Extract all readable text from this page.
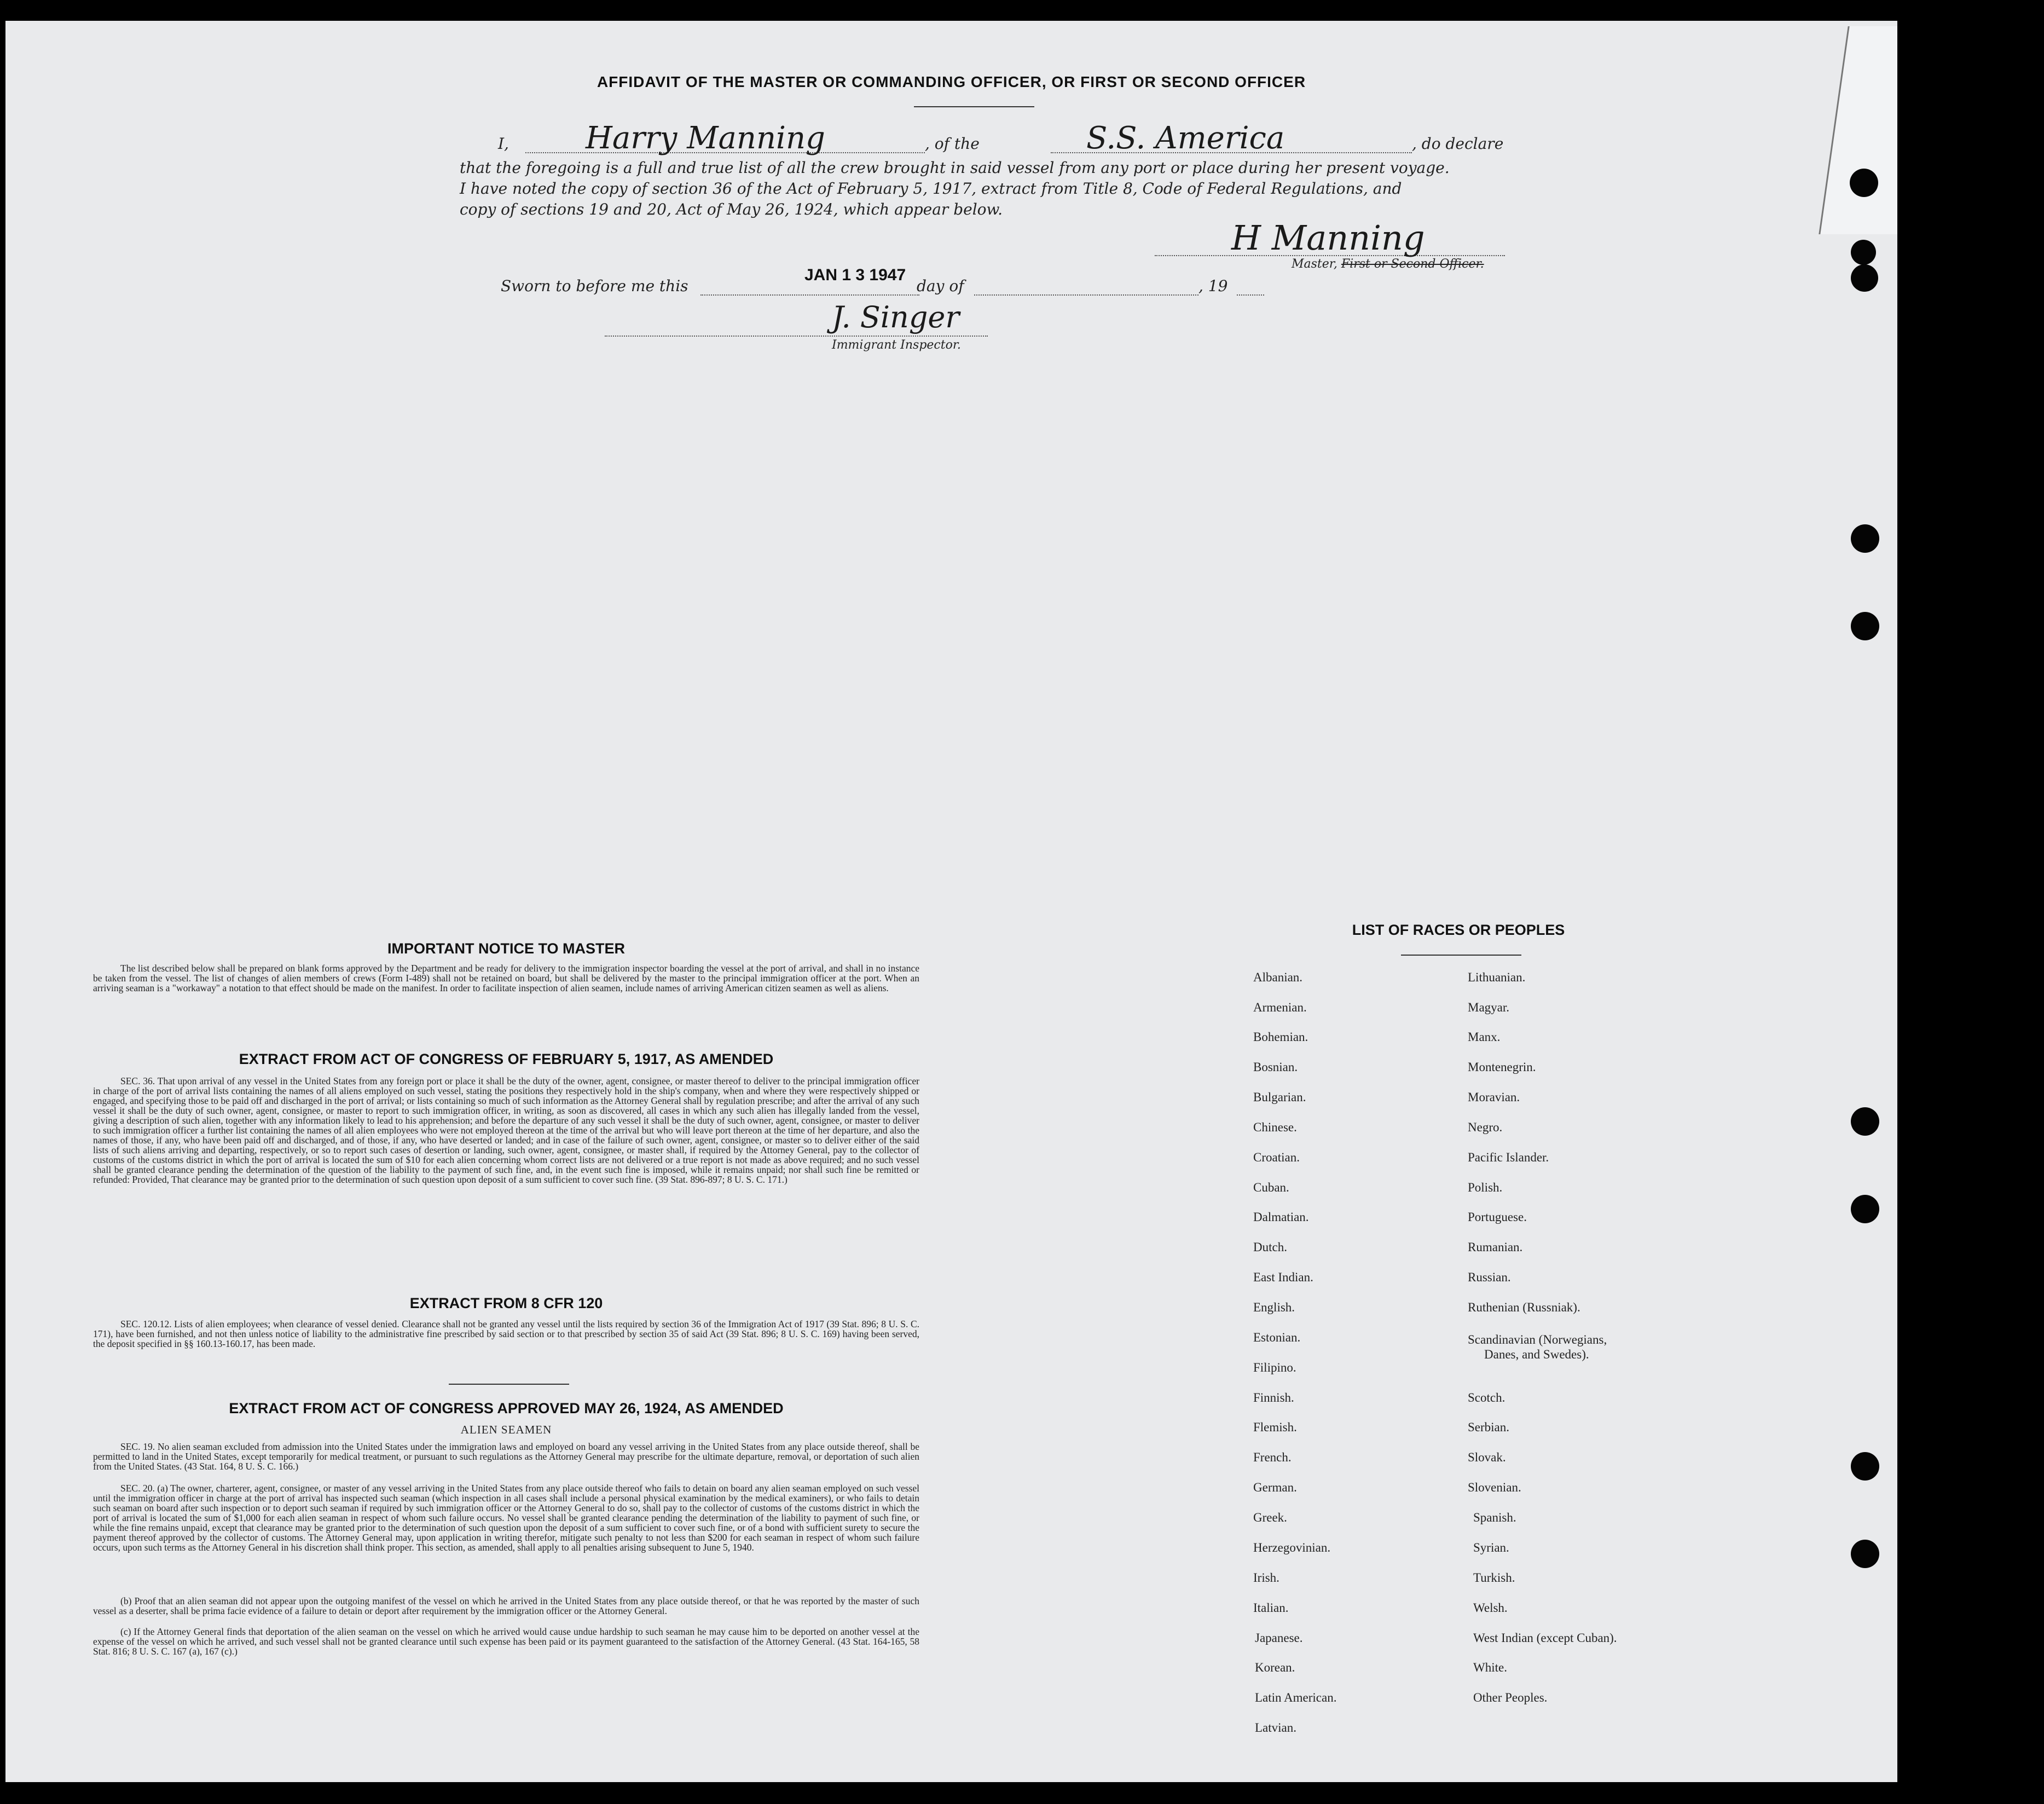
AFFIDAVIT OF THE MASTER OR COMMANDING OFFICER, OR FIRST OR SECOND OFFICER
I,	Harry Manning	, of the	S.S. America	, do declare
that the foregoing is a full and true list of all the crew brought in said vessel from any port or place during her present voyage.
I have noted the copy of section 36 of the Act of February 5, 1917, extract from Title 8, Code of Federal Regulations, and
copy of sections 19 and 20, Act of May 26, 1924, which appear below.
H Manning
Master, First or Second Officer.
Sworn to before me this
JAN 1 3 1947
day of	, 19
J. Singer
Immigrant Inspector.
IMPORTANT NOTICE TO MASTER
The list described below shall be prepared on blank forms approved by the Department and be ready for delivery to the immigration inspector boarding the vessel at the port of arrival, and shall in no instance be taken from the vessel. The list of changes of alien members of crews (Form I-489) shall not be retained on board, but shall be delivered by the master to the principal immigration officer at the port. When an arriving seaman is a "workaway" a notation to that effect should be made on the manifest. In order to facilitate inspection of alien seamen, include names of arriving American citizen seamen as well as aliens.
EXTRACT FROM ACT OF CONGRESS OF FEBRUARY 5, 1917, AS AMENDED
SEC. 36. That upon arrival of any vessel in the United States from any foreign port or place it shall be the duty of the owner, agent, consignee, or master thereof to deliver to the principal immigration officer in charge of the port of arrival lists containing the names of all aliens employed on such vessel, stating the positions they respectively hold in the ship's company, when and where they were respectively shipped or engaged, and specifying those to be paid off and discharged in the port of arrival; or lists containing so much of such information as the Attorney General shall by regulation prescribe; and after the arrival of any such vessel it shall be the duty of such owner, agent, consignee, or master to report to such immigration officer, in writing, as soon as discovered, all cases in which any such alien has illegally landed from the vessel, giving a description of such alien, together with any information likely to lead to his apprehension; and before the departure of any such vessel it shall be the duty of such owner, agent, consignee, or master to deliver to such immigration officer a further list containing the names of all alien employees who were not employed thereon at the time of the arrival but who will leave port thereon at the time of her departure, and also the names of those, if any, who have been paid off and discharged, and of those, if any, who have deserted or landed; and in case of the failure of such owner, agent, consignee, or master so to deliver either of the said lists of such aliens arriving and departing, respectively, or so to report such cases of desertion or landing, such owner, agent, consignee, or master shall, if required by the Attorney General, pay to the collector of customs of the customs district in which the port of arrival is located the sum of $10 for each alien concerning whom correct lists are not delivered or a true report is not made as above required; and no such vessel shall be granted clearance pending the determination of the question of the liability to the payment of such fine, and, in the event such fine is imposed, while it remains unpaid; nor shall such fine be remitted or refunded: Provided, That clearance may be granted prior to the determination of such question upon deposit of a sum sufficient to cover such fine. (39 Stat. 896-897; 8 U. S. C. 171.)
EXTRACT FROM 8 CFR 120
SEC. 120.12. Lists of alien employees; when clearance of vessel denied. Clearance shall not be granted any vessel until the lists required by section 36 of the Immigration Act of 1917 (39 Stat. 896; 8 U. S. C. 171), have been furnished, and not then unless notice of liability to the administrative fine prescribed by said section or to that prescribed by section 35 of said Act (39 Stat. 896; 8 U. S. C. 169) having been served, the deposit specified in §§ 160.13-160.17, has been made.
EXTRACT FROM ACT OF CONGRESS APPROVED MAY 26, 1924, AS AMENDED
ALIEN SEAMEN
SEC. 19. No alien seaman excluded from admission into the United States under the immigration laws and employed on board any vessel arriving in the United States from any place outside thereof, shall be permitted to land in the United States, except temporarily for medical treatment, or pursuant to such regulations as the Attorney General may prescribe for the ultimate departure, removal, or deportation of such alien from the United States. (43 Stat. 164, 8 U. S. C. 166.)
SEC. 20. (a) The owner, charterer, agent, consignee, or master of any vessel arriving in the United States from any place outside thereof who fails to detain on board any alien seaman employed on such vessel until the immigration officer in charge at the port of arrival has inspected such seaman (which inspection in all cases shall include a personal physical examination by the medical examiners), or who fails to detain such seaman on board after such inspection or to deport such seaman if required by such immigration officer or the Attorney General to do so, shall pay to the collector of customs of the customs district in which the port of arrival is located the sum of $1,000 for each alien seaman in respect of whom such failure occurs. No vessel shall be granted clearance pending the determination of the liability to payment of such fine, or while the fine remains unpaid, except that clearance may be granted prior to the determination of such question upon the deposit of a sum sufficient to cover such fine, or of a bond with sufficient surety to secure the payment thereof approved by the collector of customs. The Attorney General may, upon application in writing therefor, mitigate such penalty to not less than $200 for each seaman in respect of whom such failure occurs, upon such terms as the Attorney General in his discretion shall think proper. This section, as amended, shall apply to all penalties arising subsequent to June 5, 1940.
(b) Proof that an alien seaman did not appear upon the outgoing manifest of the vessel on which he arrived in the United States from any place outside thereof, or that he was reported by the master of such vessel as a deserter, shall be prima facie evidence of a failure to detain or deport after requirement by the immigration officer or the Attorney General.
(c) If the Attorney General finds that deportation of the alien seaman on the vessel on which he arrived would cause undue hardship to such seaman he may cause him to be deported on another vessel at the expense of the vessel on which he arrived, and such vessel shall not be granted clearance until such expense has been paid or its payment guaranteed to the satisfaction of the Attorney General. (43 Stat. 164-165, 58 Stat. 816; 8 U. S. C. 167 (a), 167 (c).)
LIST OF RACES OR PEOPLES
Albanian.
Armenian.
Bohemian.
Bosnian.
Bulgarian.
Chinese.
Croatian.
Cuban.
Dalmatian.
Dutch.
East Indian.
English.
Estonian.
Filipino.
Finnish.
Flemish.
French.
German.
Greek.
Herzegovinian.
Irish.
Italian.
Japanese.
Korean.
Latin American.
Latvian.
Lithuanian.
Magyar.
Manx.
Montenegrin.
Moravian.
Negro.
Pacific Islander.
Polish.
Portuguese.
Rumanian.
Russian.
Ruthenian (Russniak).
Scandinavian (Norwegians,
Danes, and Swedes).
Scotch.
Serbian.
Slovak.
Slovenian.
Spanish.
Syrian.
Turkish.
Welsh.
West Indian (except Cuban).
White.
Other Peoples.
